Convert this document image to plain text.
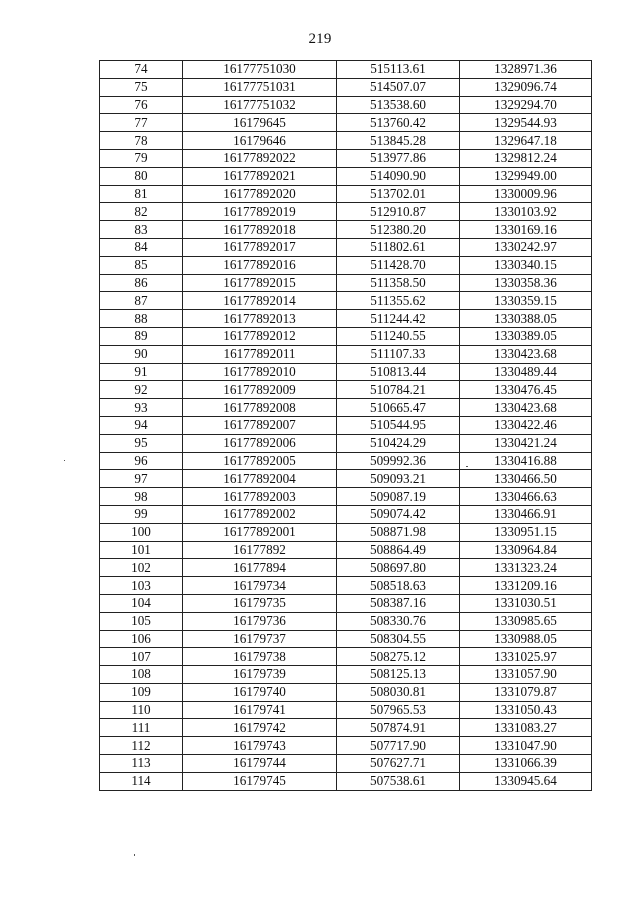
219
74	16177751030	515113.61	1328971.36
75	16177751031	514507.07	1329096.74
76	16177751032	513538.60	1329294.70
77	16179645	513760.42	1329544.93
78	16179646	513845.28	1329647.18
79	16177892022	513977.86	1329812.24
80	16177892021	514090.90	1329949.00
81	16177892020	513702.01	1330009.96
82	16177892019	512910.87	1330103.92
83	16177892018	512380.20	1330169.16
84	16177892017	511802.61	1330242.97
85	16177892016	511428.70	1330340.15
86	16177892015	511358.50	1330358.36
87	16177892014	511355.62	1330359.15
88	16177892013	511244.42	1330388.05
89	16177892012	511240.55	1330389.05
90	16177892011	511107.33	1330423.68
91	16177892010	510813.44	1330489.44
92	16177892009	510784.21	1330476.45
93	16177892008	510665.47	1330423.68
94	16177892007	510544.95	1330422.46
95	16177892006	510424.29	1330421.24
96	16177892005	509992.36	1330416.88
97	16177892004	509093.21	1330466.50
98	16177892003	509087.19	1330466.63
99	16177892002	509074.42	1330466.91
100	16177892001	508871.98	1330951.15
101	16177892	508864.49	1330964.84
102	16177894	508697.80	1331323.24
103	16179734	508518.63	1331209.16
104	16179735	508387.16	1331030.51
105	16179736	508330.76	1330985.65
106	16179737	508304.55	1330988.05
107	16179738	508275.12	1331025.97
108	16179739	508125.13	1331057.90
109	16179740	508030.81	1331079.87
110	16179741	507965.53	1331050.43
111	16179742	507874.91	1331083.27
112	16179743	507717.90	1331047.90
113	16179744	507627.71	1331066.39
114	16179745	507538.61	1330945.64
